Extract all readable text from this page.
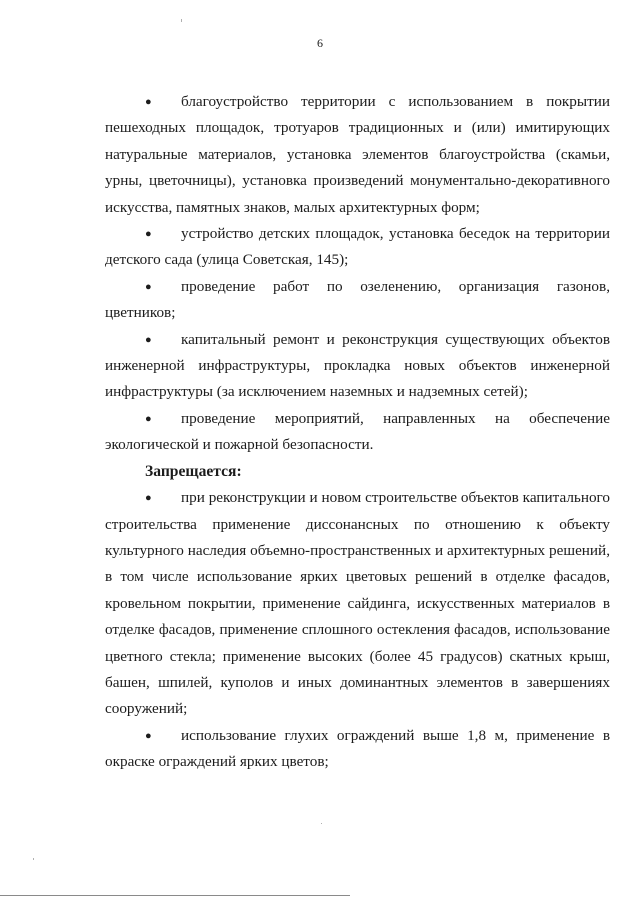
6

● благоустройство территории с использованием в покрытии пешеходных площадок, тротуаров традиционных и (или) имитирующих натуральные материалов, установка элементов благоустройства (скамьи, урны, цветочницы), установка произведений монументально-декоративного искусства, памятных знаков, малых архитектурных форм;

● устройство детских площадок, установка беседок на территории детского сада (улица Советская, 145);

● проведение работ по озеленению, организация газонов, цветников;

● капитальный ремонт и реконструкция существующих объектов инженерной инфраструктуры, прокладка новых объектов инженерной инфраструктуры (за исключением наземных и надземных сетей);

● проведение мероприятий, направленных на обеспечение экологической и пожарной безопасности.

Запрещается:

● при реконструкции и новом строительстве объектов капитального строительства применение диссонансных по отношению к объекту культурного наследия объемно-пространственных и архитектурных решений, в том числе использование ярких цветовых решений в отделке фасадов, кровельном покрытии, применение сайдинга, искусственных материалов в отделке фасадов, применение сплошного остекления фасадов, использование цветного стекла; применение высоких (более 45 градусов) скатных крыш, башен, шпилей, куполов и иных доминантных элементов в завершениях сооружений;

● использование глухих ограждений выше 1,8 м, применение в окраске ограждений ярких цветов;
